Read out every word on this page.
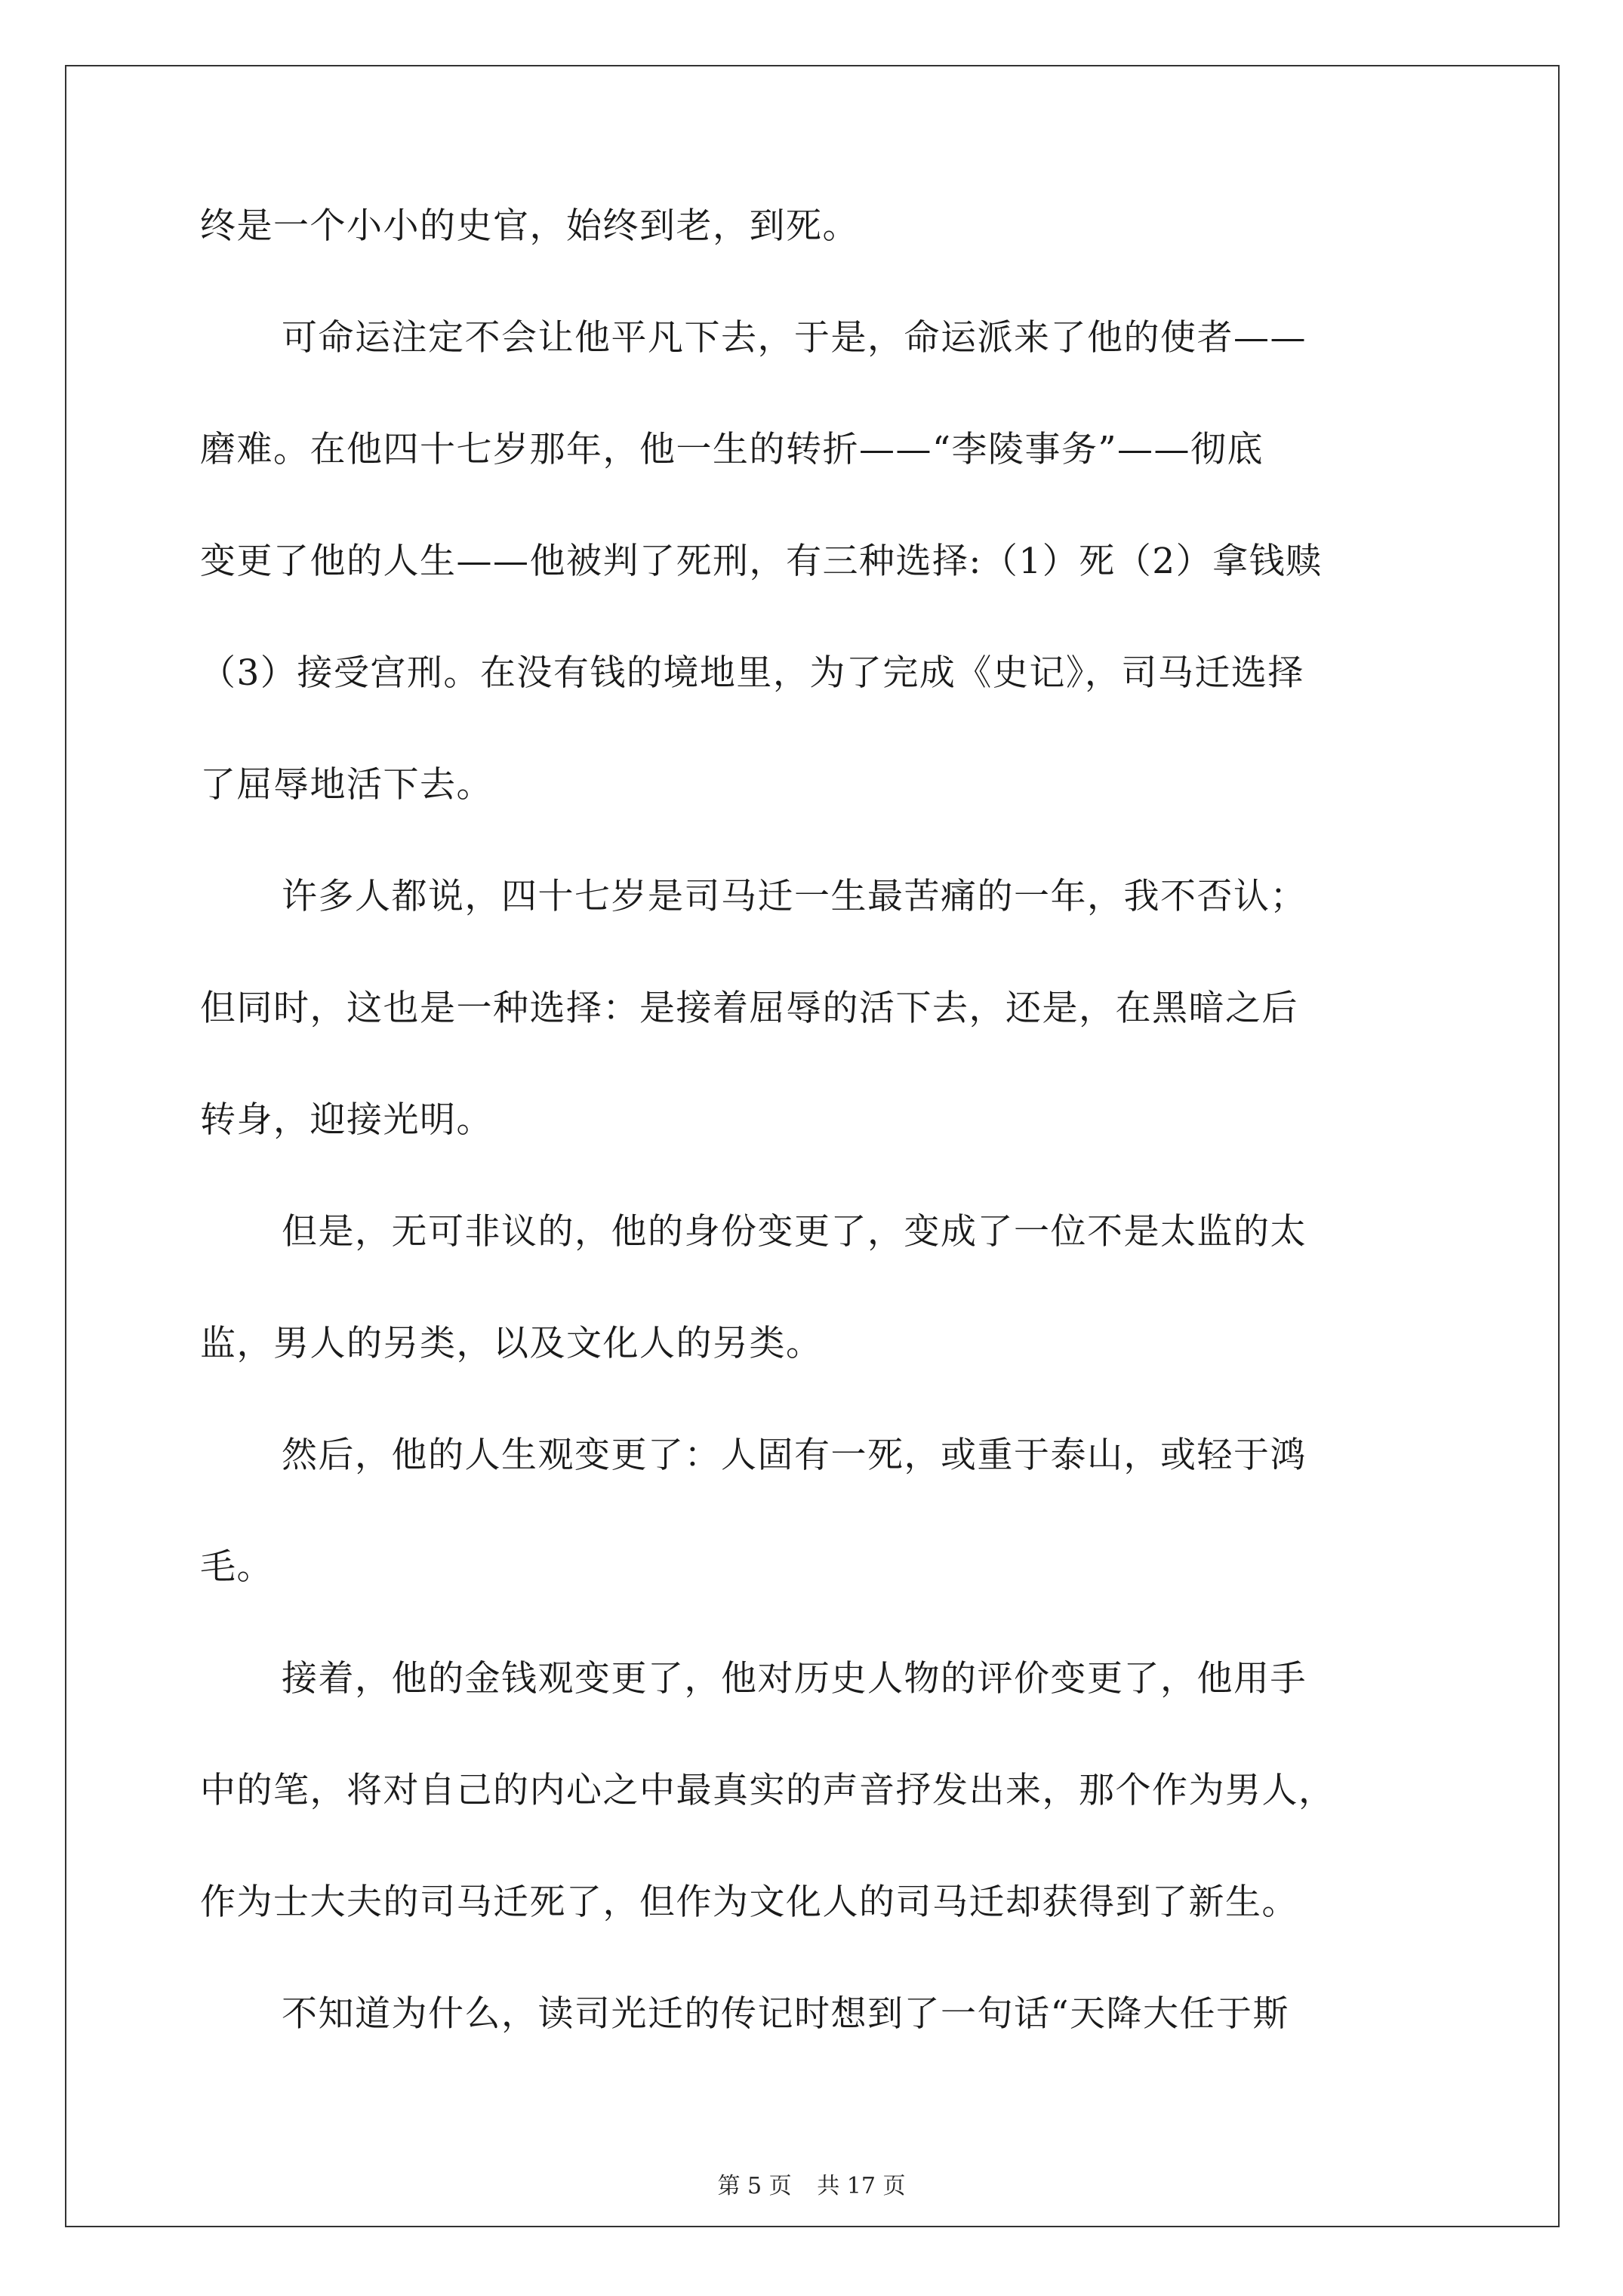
终是一个小小的史官，始终到老，到死。
可命运注定不会让他平凡下去，于是，命运派来了他的使者——
磨难。在他四十七岁那年，他一生的转折——“李陵事务”——彻底
变更了他的人生——他被判了死刑，有三种选择:（1）死（2）拿钱赎
（3）接受宫刑。在没有钱的境地里，为了完成《史记》，司马迁选择
了屈辱地活下去。
许多人都说，四十七岁是司马迁一生最苦痛的一年，我不否认；
但同时，这也是一种选择：是接着屈辱的活下去，还是，在黑暗之后
转身，迎接光明。
但是，无可非议的，他的身份变更了，变成了一位不是太监的太
监，男人的另类，以及文化人的另类。
然后，他的人生观变更了：人固有一死，或重于泰山，或轻于鸿
毛。
接着，他的金钱观变更了，他对历史人物的评价变更了，他用手
中的笔，将对自己的内心之中最真实的声音抒发出来，那个作为男人，
作为士大夫的司马迁死了，但作为文化人的司马迁却获得到了新生。
不知道为什么，读司光迁的传记时想到了一句话“天降大任于斯
第 5 页 共 17 页
